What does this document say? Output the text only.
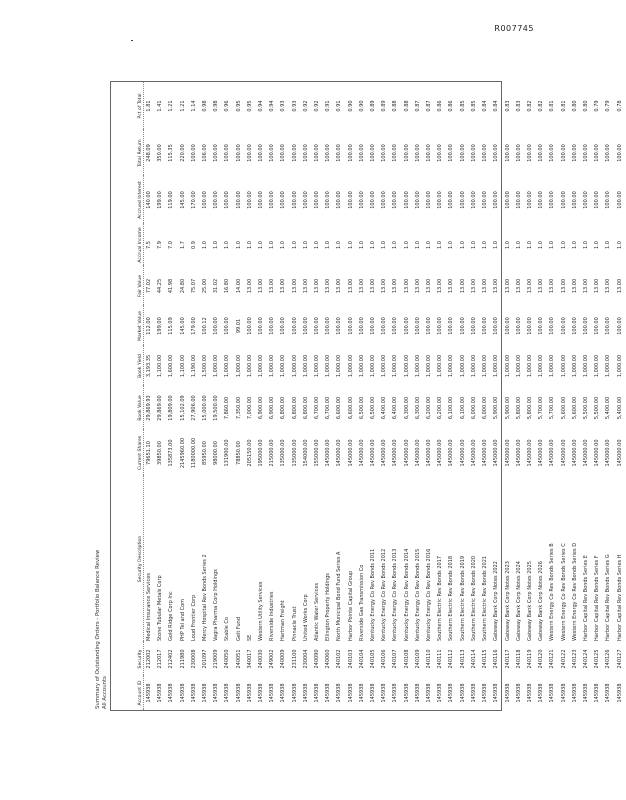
R007745
Summary of Outstanding Orders - Portfolio Balance Review All Accounts	Account ID	Security	Security Description	Current Shares	Book Value	Book Yield	Market Value	Fair Value	Accrual Income	Accrued Interest	Total Return	Pct of Total
145938	212002	Medical Insurance Services	79651.10	29,869.93	3,193.35	112.00	77.02	7.5	140.00	248.09	1.81
145938	212017	Stone Tubular Metals Corp	39850.00	29,869.00	1,100.00	199.00	44.25	7.9	199.00	350.00	1.41
145938	212402	Gold Ridge Corp Inc	135873.00	19,809.00	1,600.00	115.09	41.98	7.0	119.00	115.35	1.21
145938	211980	PHP Tel and Com	2145960.00	15,102.09	1,100.00	145.00	24.80	1.7	145.00	220.00	1.21
145938	230008	Loud Frontier Corp	1180000.00	27,906.00	1,190.00	179.00	75.07	0.9	170.00	100.00	1.14
145938	201097	Mercy Hospital Rev Bonds Series 2	85950.00	15,000.00	1,500.00	100.12	25.00	1.0	100.00	106.00	0.98
145938	219009	Vagra Pharma Corp Holdings	98000.00	19,500.00	1,000.00	100.00	31.02	1.0	100.00	100.00	0.98
145938	240050	Stable Co	131900.00	7,860.00	1,000.00	100.00	16.80	1.0	100.00	100.00	0.96
145938	240051	Gelt Fund	78850.00	7,350.00	1,000.00	99.01	14.00	1.0	100.00	100.00	0.95
145938	340017	SE	205150.00	7,000.00	1,000.00	100.00	13.00	1.0	100.00	100.00	0.95
145938	240030	Western Utility Services	195000.00	6,900.00	1,000.00	100.00	13.00	1.0	100.00	100.00	0.94
145938	249002	Riverside Industries	215000.00	6,900.00	1,000.00	100.00	13.00	1.0	100.00	100.00	0.94
145938	240009	Hartman Freight	135000.00	6,800.00	1,000.00	100.00	13.00	1.0	100.00	100.00	0.93
145938	231100	Pinnacle Trust	135000.00	6,800.00	1,000.00	100.00	13.00	1.0	100.00	100.00	0.93
145938	230004	United Works Corp	154000.00	6,800.00	1,000.00	100.00	13.00	1.0	100.00	100.00	0.92
145938	240090	Atlantic Water Services	155000.00	6,700.00	1,000.00	100.00	13.00	1.0	100.00	100.00	0.92
145938	240060	Ellington Property Holdings	145000.00	6,700.00	1,000.00	100.00	13.00	1.0	100.00	100.00	0.91
145938	240102	North Municipal Bond Fund Series A	145000.00	6,600.00	1,000.00	100.00	13.00	1.0	100.00	100.00	0.91
145938	240103	Harbor Pointe Capital Group	145000.00	6,600.00	1,000.00	100.00	13.00	1.0	100.00	100.00	0.90
145938	240104	Riverside Gas Transmission Co	145000.00	6,500.00	1,000.00	100.00	13.00	1.0	100.00	100.00	0.90
145938	240105	Kentucky Energy Co Rev Bonds 2011	145000.00	6,500.00	1,000.00	100.00	13.00	1.0	100.00	100.00	0.89
145938	240106	Kentucky Energy Co Rev Bonds 2012	145000.00	6,400.00	1,000.00	100.00	13.00	1.0	100.00	100.00	0.89
145938	240107	Kentucky Energy Co Rev Bonds 2013	145000.00	6,400.00	1,000.00	100.00	13.00	1.0	100.00	100.00	0.88
145938	240108	Kentucky Energy Co Rev Bonds 2014	145000.00	6,300.00	1,000.00	100.00	13.00	1.0	100.00	100.00	0.88
145938	240109	Kentucky Energy Co Rev Bonds 2015	145000.00	6,300.00	1,000.00	100.00	13.00	1.0	100.00	100.00	0.87
145938	240110	Kentucky Energy Co Rev Bonds 2016	145000.00	6,200.00	1,000.00	100.00	13.00	1.0	100.00	100.00	0.87
145938	240111	Southern Electric Rev Bonds 2017	145000.00	6,200.00	1,000.00	100.00	13.00	1.0	100.00	100.00	0.86
145938	240112	Southern Electric Rev Bonds 2018	145000.00	6,100.00	1,000.00	100.00	13.00	1.0	100.00	100.00	0.86
145938	240113	Southern Electric Rev Bonds 2019	145000.00	6,100.00	1,000.00	100.00	13.00	1.0	100.00	100.00	0.85
145938	240114	Southern Electric Rev Bonds 2020	145000.00	6,000.00	1,000.00	100.00	13.00	1.0	100.00	100.00	0.85
145938	240115	Southern Electric Rev Bonds 2021	145000.00	6,000.00	1,000.00	100.00	13.00	1.0	100.00	100.00	0.84
145938	240116	Gateway Bank Corp Notes 2022	145000.00	5,900.00	1,000.00	100.00	13.00	1.0	100.00	100.00	0.84
145938	240117	Gateway Bank Corp Notes 2023	145000.00	5,900.00	1,000.00	100.00	13.00	1.0	100.00	100.00	0.83
145938	240118	Gateway Bank Corp Notes 2024	145000.00	5,800.00	1,000.00	100.00	13.00	1.0	100.00	100.00	0.83
145938	240119	Gateway Bank Corp Notes 2025	145000.00	5,800.00	1,000.00	100.00	13.00	1.0	100.00	100.00	0.82
145938	240120	Gateway Bank Corp Notes 2026	145000.00	5,700.00	1,000.00	100.00	13.00	1.0	100.00	100.00	0.82
145938	240121	Western Energy Co Rev Bonds Series B	145000.00	5,700.00	1,000.00	100.00	13.00	1.0	100.00	100.00	0.81
145938	240122	Western Energy Co Rev Bonds Series C	145000.00	5,600.00	1,000.00	100.00	13.00	1.0	100.00	100.00	0.81
145938	240123	Western Energy Co Rev Bonds Series D	145000.00	5,600.00	1,000.00	100.00	13.00	1.0	100.00	100.00	0.80
145938	240124	Harbor Capital Rev Bonds Series E	145000.00	5,500.00	1,000.00	100.00	13.00	1.0	100.00	100.00	0.80
145938	240125	Harbor Capital Rev Bonds Series F	145000.00	5,500.00	1,000.00	100.00	13.00	1.0	100.00	100.00	0.79
145938	240126	Harbor Capital Rev Bonds Series G	145000.00	5,400.00	1,000.00	100.00	13.00	1.0	100.00	100.00	0.79
145938	240127	Harbor Capital Rev Bonds Series H	145000.00	5,400.00	1,000.00	100.00	13.00	1.0	100.00	100.00	0.78
